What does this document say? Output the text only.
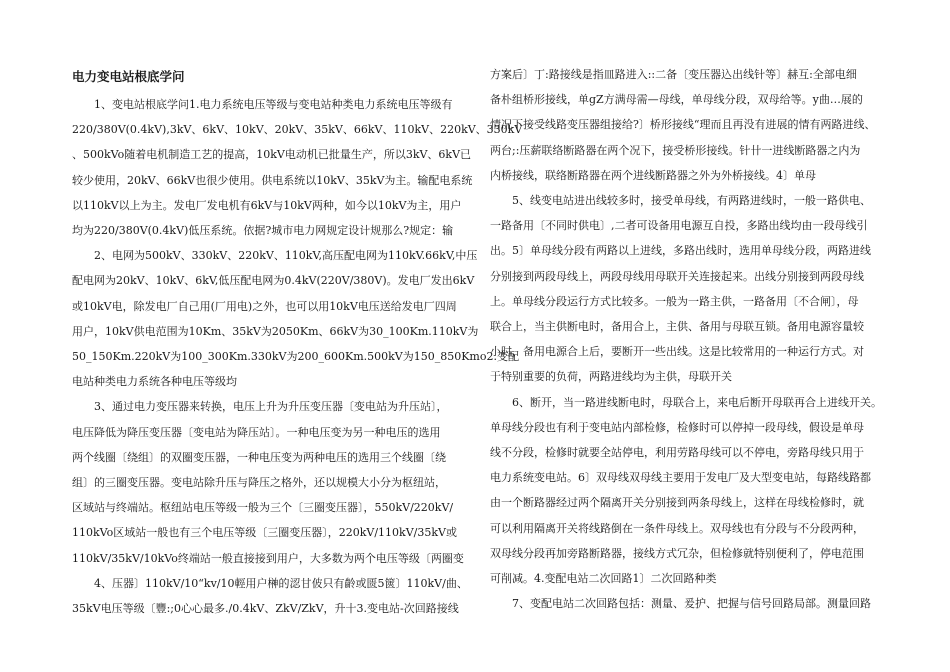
电力变电站根底学问

1、变电站根底学问1.电力系统电压等级与变电站种类电力系统电压等级有
220/380V(0.4kV),3kV、6kV、10kV、20kV、35kV、66kV、110kV、220kV、330kV
、500kVo随着电机制造工艺的提高，10kV电动机已批量生产，所以3kV、6kV已
较少使用，20kV、66kV也很少使用。供电系统以10kV、35kV为主。输配电系统
以110kV以上为主。发电厂发电机有6kV与10kV两种，如今以10kV为主，用户
均为220/380V(0.4kV)低压系统。依据?城市电力网规定设计规那么?规定：输

2、电网为500kV、330kV、220kV、110kV,高压配电网为110kV.66kV,中压
配电网为20kV、10kV、6kV,低压配电网为0.4kV(220V/380V)。发电厂发出6kV
或10kV电，除发电厂自己用(厂用电)之外，也可以用10kV电压送给发电厂四周
用户，10kV供电范围为10Km、35kV为2050Km、66kV为30_100Km.110kV为
50_150Km.220kV为100_300Km.330kV为200_600Km.500kV为150_850Kmo2.变配
电站种类电力系统各种电压等级均

3、通过电力变压器来转换，电压上升为升压变压器〔变电站为升压站〕，
电压降低为降压变压器〔变电站为降压站〕。一种电压变为另一种电压的选用
两个线圈〔绕组〕的双圈变压器，一种电压变为两种电压的选用三个线圈〔绕
组〕的三圈变压器。变电站除升压与降压之格外，还以规模大小分为枢纽站，
区域站与终端站。枢纽站电压等级一般为三个〔三圈变压器〕，550kV/220kV/
110kVo区域站一般也有三个电压等级〔三圈变压器〕，220kV/110kV/35kV或
110kV/35kV/10kVo终端站一般直接接到用户，大多数为两个电压等级〔两圈变

4、压器〕110kV/10“kv/10輕用户榊的涊甘佊只有齡或匮5篋〕110kV/曲、
35kV电压等级〔豐:;0心心最多./0.4kV、ZkV/ZkV，升十3.变电站-次回路接线

方案后〕丁:路接线是指皿路进入::二备〔变压器込出线针等〕赫互:全部电细
备朴组桥形接线，单gZ方满母需—母线，单母线分段，双母给等。y曲…展的
情况下接受线路变压器组接给?〕桥形接线“理而且再没有进展的情有两路进线、
两台;:压薪联络断路器在两个况下，接受桥形接线。针卄一进线断路器之内为
内桥接线，联络断路器在两个进线断路器之外为外桥接线。4〕单母

5、线变电站进出线较多时，接受单母线，有两路进线时，一般一路供电、
一路备用〔不同时供电〕,二者可设备用电源互自投，多路出线均由一段母线引
出。5〕单母线分段有两路以上进线，多路出线时，选用单母线分段，两路进线
分别接到两段母线上，两段母线用母联开关连接起来。出线分别接到两段母线
上。单母线分段运行方式比较多。一般为一路主供，一路备用〔不合闸〕，母
联合上，当主供断电时，备用合上，主供、备用与母联互锁。备用电源容量较
小时，备用电源合上后，要断开一些出线。这是比较常用的一种运行方式。对
于特别重要的负荷，两路进线均为主供，母联开关

6、断开，当一路进线断电时，母联合上，来电后断开母联再合上进线开关。
单母线分段也有利于变电站内部检修，检修时可以停掉一段母线，假设是单母
线不分段，检修时就要全站停电，利用劳路母线可以不停电，旁路母线只用于
电力系统变电站。6〕双母线双母线主要用于发电厂及大型变电站，每路线路都
由一个断路器经过两个隔离开关分别接到两条母线上，这样在母线检修时，就
可以利用隔离开关将线路倒在一条件母线上。双母线也有分段与不分段两种，
双母线分段再加旁路断路器，接线方式冗杂，但检修就特别便利了，停电范围
可削减。4.变配电站二次回路1〕二次回路种类

7、变配电站二次回路包括：测量、爰护、把握与信号回路局部。测量回路
